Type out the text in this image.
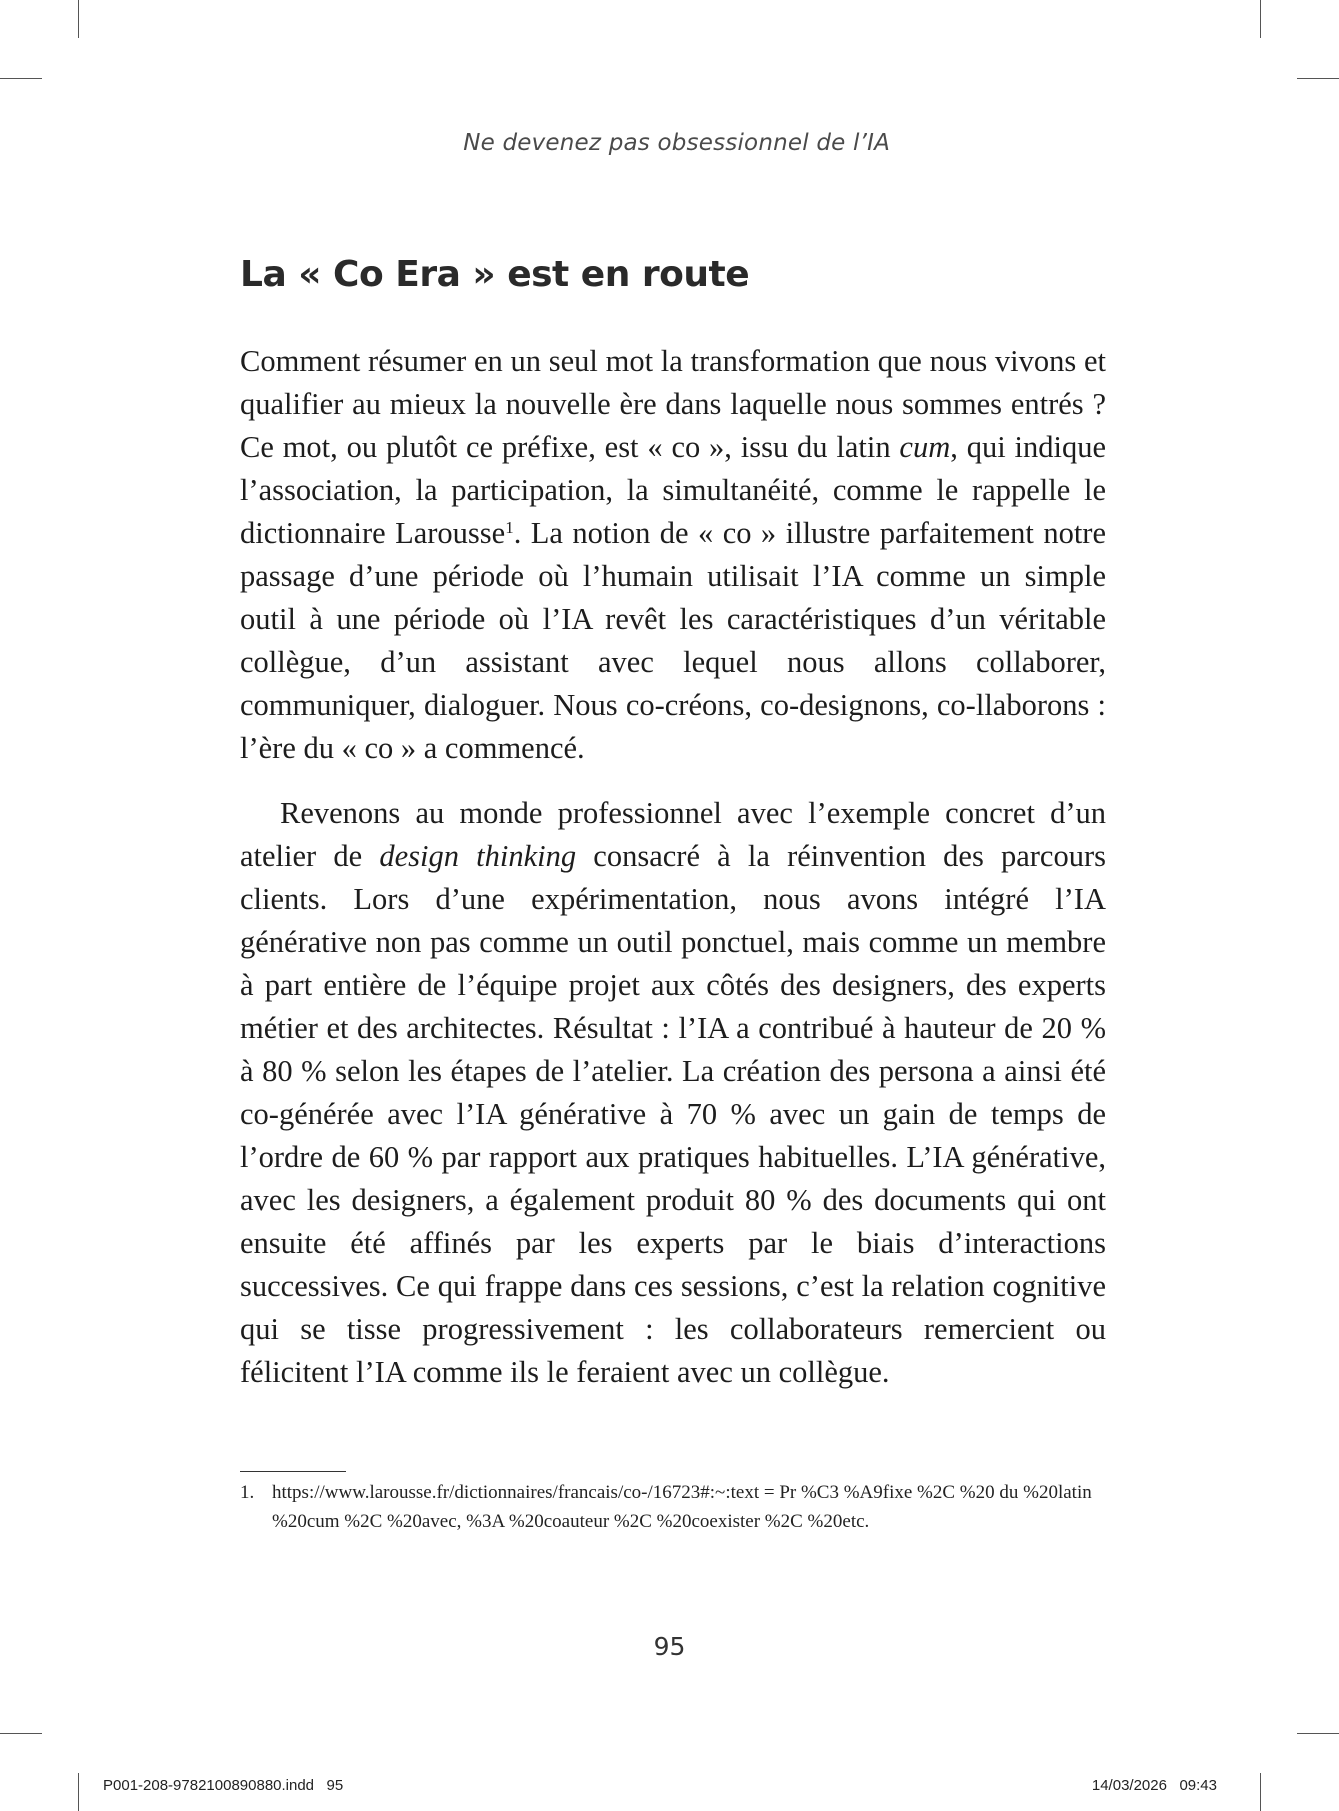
Ne devenez pas obsessionnel de l’IA
La « Co Era » est en route

Comment résumer en un seul mot la transformation que nous vivons et qualifier au mieux la nouvelle ère dans laquelle nous sommes entrés ? Ce mot, ou plutôt ce préfixe, est « co », issu du latin cum, qui indique l’association, la participation, la simultanéité, comme le rappelle le dictionnaire Larousse$^1$. La notion de « co » illustre parfaitement notre passage d’une période où l’humain utilisait l’IA comme un simple outil à une période où l’IA revêt les caractéristiques d’un véritable collègue, d’un assistant avec lequel nous allons collaborer, communiquer, dialoguer. Nous co-créons, co-designons, co-llaborons : l’ère du « co » a commencé.

Revenons au monde professionnel avec l’exemple concret d’un atelier de design thinking consacré à la réinvention des parcours clients. Lors d’une expérimentation, nous avons intégré l’IA générative non pas comme un outil ponctuel, mais comme un membre à part entière de l’équipe projet aux côtés des designers, des experts métier et des architectes. Résultat : l’IA a contribué à hauteur de 20 % à 80 % selon les étapes de l’atelier. La création des persona a ainsi été co-générée avec l’IA générative à 70 % avec un gain de temps de l’ordre de 60 % par rapport aux pratiques habituelles. L’IA générative, avec les designers, a également produit 80 % des documents qui ont ensuite été affinés par les experts par le biais d’interactions successives. Ce qui frappe dans ces sessions, c’est la relation cognitive qui se tisse progressivement : les collaborateurs remercient ou félicitent l’IA comme ils le feraient avec un collègue.

1. https://www.larousse.fr/dictionnaires/francais/co-/16723#:~:text = Pr %C3 %A9fixe %2C %20 du %20latin %20cum %2C %20avec, %3A %20coauteur %2C %20coexister %2C %20etc.
95
P001-208-9782100890880.indd   95	14/03/2026   09:43
